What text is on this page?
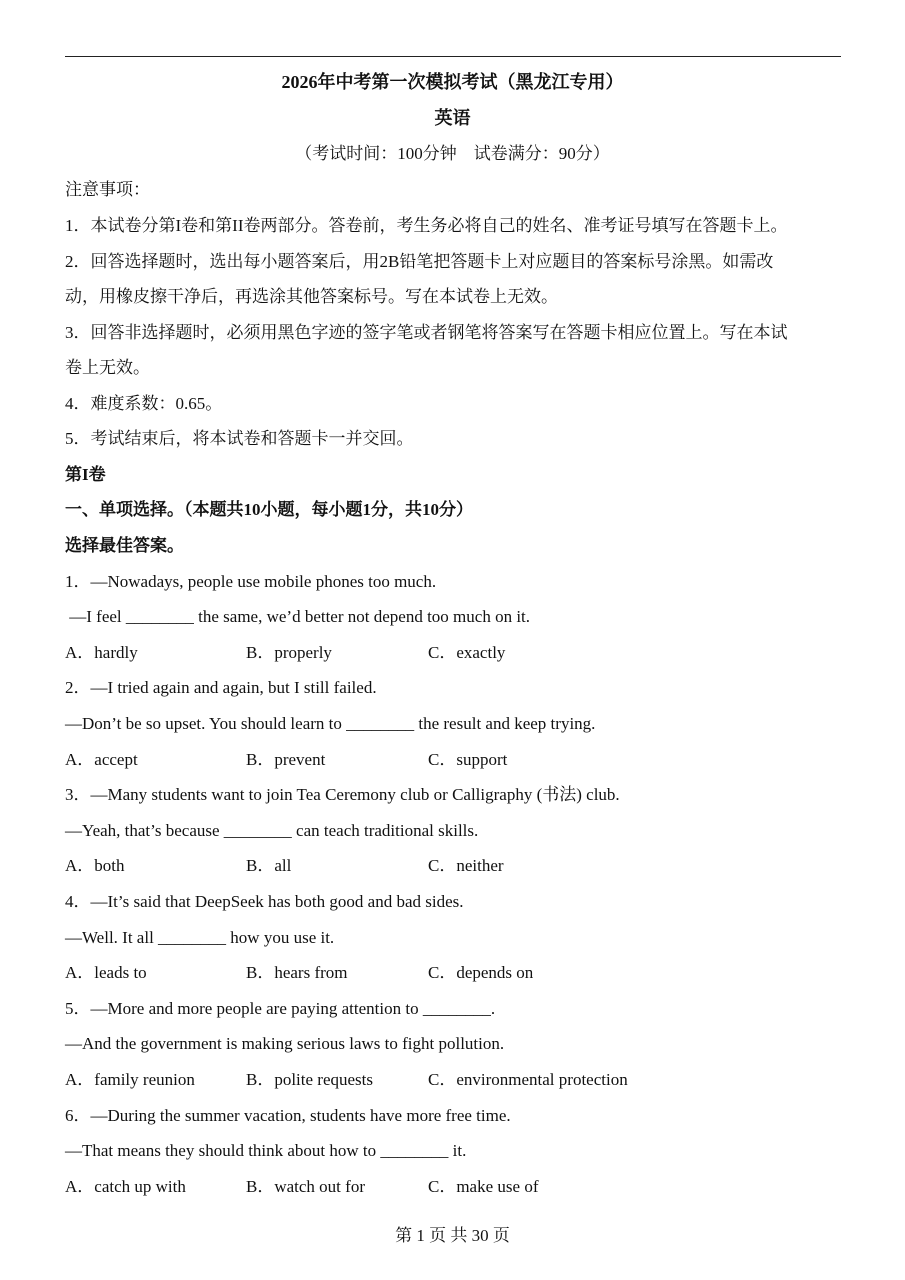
2026年中考第一次模拟考试（黑龙江专用）
英语
（考试时间：100分钟　试卷满分：90分）
注意事项：
1．本试卷分第I卷和第II卷两部分。答卷前，考生务必将自己的姓名、准考证号填写在答题卡上。
2．回答选择题时，选出每小题答案后，用2B铅笔把答题卡上对应题目的答案标号涂黑。如需改
动，用橡皮擦干净后，再选涂其他答案标号。写在本试卷上无效。
3．回答非选择题时，必须用黑色字迹的签字笔或者钢笔将答案写在答题卡相应位置上。写在本试
卷上无效。
4．难度系数：0.65。
5．考试结束后，将本试卷和答题卡一并交回。
第I卷
一、单项选择。（本题共10小题，每小题1分，共10分）
选择最佳答案。
1．—Nowadays, people use mobile phones too much.
—I feel ________ the same, we’d better not depend too much on it.
A．hardly	B．properly	C．exactly
2．—I tried again and again, but I still failed.
—Don’t be so upset. You should learn to ________ the result and keep trying.
A．accept	B．prevent	C．support
3．—Many students want to join Tea Ceremony club or Calligraphy (书法) club.
—Yeah, that’s because ________ can teach traditional skills.
A．both	B．all	C．neither
4．—It’s said that DeepSeek has both good and bad sides.
—Well. It all ________ how you use it.
A．leads to	B．hears from	C．depends on
5．—More and more people are paying attention to ________.
—And the government is making serious laws to fight pollution.
A．family reunion	B．polite requests	C．environmental protection
6．—During the summer vacation, students have more free time.
—That means they should think about how to ________ it.
A．catch up with	B．watch out for	C．make use of
第 1 页 共 30 页
